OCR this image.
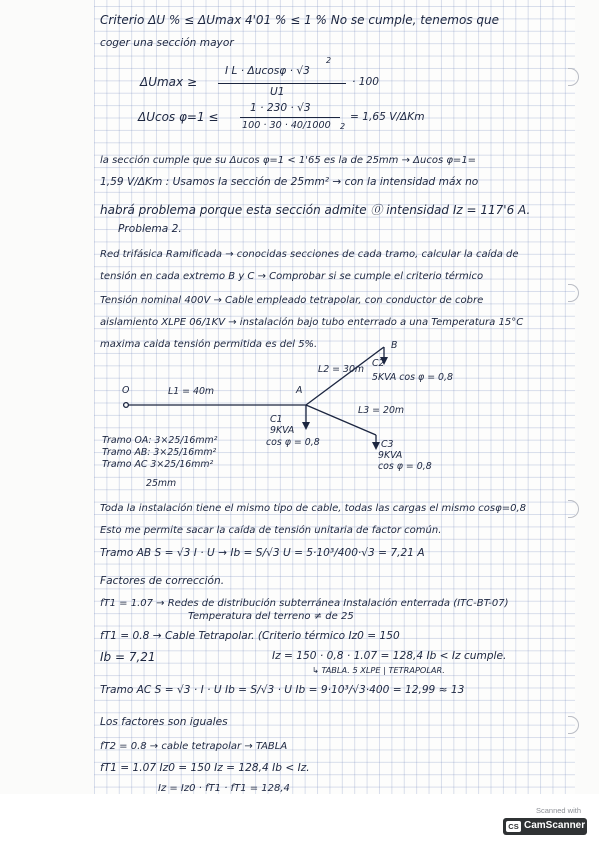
Criterio ΔU % ≤ ΔUmax 4'01 % ≤ 1 % No se cumple, tenemos que
coger una sección mayor
ΔUmax ≥
I L · Δucosφ · √3
2
U1
· 100
ΔUcos φ=1 ≤
1 · 230 · √3
100 · 30 · 40/1000 2
= 1,65 V/ΔKm
la sección cumple que su Δucos φ=1 < 1'65 es la de 25mm → Δucos φ=1=
1,59 V/ΔKm : Usamos la sección de 25mm² → con la intensidad máx no
habrá problema porque esta sección admite ⓪ intensidad Iz = 117'6 A.
Problema 2.
Red trifásica Ramificada → conocidas secciones de cada tramo, calcular la caída de
tensión en cada extremo B y C → Comprobar si se cumple el criterio térmico
Tensión nominal 400V → Cable empleado tetrapolar, con conductor de cobre
aislamiento XLPE 06/1KV → instalación bajo tubo enterrado a una Temperatura 15°C
maxima caida tensión permitida es del 5%.
O	A
B
L1 = 40m
L2 = 30m
L3 = 20m
C2
5KVA cos φ = 0,8
C1
9KVA
cos φ = 0,8	C3
9KVA
cos φ = 0,8
Tramo OA: 3×25/16mm²
Tramo AB: 3×25/16mm²
Tramo AC 3×25/16mm²
25mm
Toda la instalación tiene el mismo tipo de cable, todas las cargas el mismo cosφ=0,8
Esto me permite sacar la caída de tensión unitaria de factor común.
Tramo AB S = √3 I · U → Ib = S/√3 U = 5·10³/400·√3 = 7,21 A
Factores de corrección.
fT1 = 1.07 → Redes de distribución subterránea Instalación enterrada (ITC-BT-07)
Temperatura del terreno ≠ de 25
fT1 = 0.8 → Cable Tetrapolar. (Criterio térmico Iz0 = 150
Ib = 7,21	Iz = 150 · 0,8 · 1.07 = 128,4 Ib < Iz cumple.
↳ TABLA. 5 XLPE | TETRAPOLAR.
Tramo AC S = √3 · I · U Ib = S/√3 · U Ib = 9·10³/√3·400 = 12,99 ≈ 13
Los factores son iguales
fT2 = 0.8 → cable tetrapolar → TABLA
fT1 = 1.07 Iz0 = 150 Iz = 128,4 Ib < Iz.
Iz = Iz0 · fT1 · fT1 = 128,4
Scanned with
CS CamScanner
